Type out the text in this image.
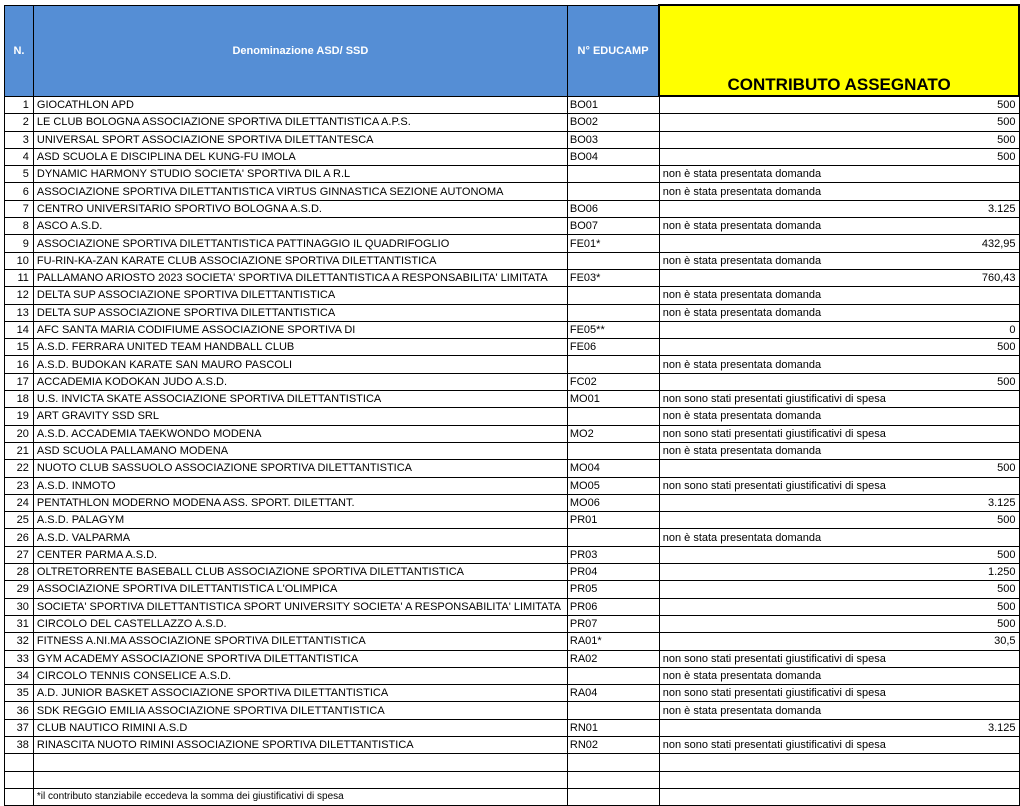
N.	Denominazione ASD/ SSD	N° EDUCAMP	CONTRIBUTO ASSEGNATO
1	GIOCATHLON APD	BO01	500
2	LE CLUB BOLOGNA ASSOCIAZIONE SPORTIVA DILETTANTISTICA A.P.S.	BO02	500
3	UNIVERSAL SPORT ASSOCIAZIONE SPORTIVA DILETTANTESCA	BO03	500
4	ASD SCUOLA E DISCIPLINA DEL KUNG-FU IMOLA	BO04	500
5	DYNAMIC HARMONY STUDIO SOCIETA' SPORTIVA DIL A R.L		non è stata presentata domanda
6	ASSOCIAZIONE SPORTIVA DILETTANTISTICA VIRTUS GINNASTICA SEZIONE AUTONOMA		non è stata presentata domanda
7	CENTRO UNIVERSITARIO SPORTIVO BOLOGNA A.S.D.	BO06	3.125
8	ASCO A.S.D.	BO07	non è stata presentata domanda
9	ASSOCIAZIONE SPORTIVA DILETTANTISTICA PATTINAGGIO IL QUADRIFOGLIO	FE01*	432,95
10	FU-RIN-KA-ZAN KARATE CLUB ASSOCIAZIONE SPORTIVA DILETTANTISTICA		non è stata presentata domanda
11	PALLAMANO ARIOSTO 2023 SOCIETA' SPORTIVA DILETTANTISTICA A RESPONSABILITA' LIMITATA	FE03*	760,43
12	DELTA SUP ASSOCIAZIONE SPORTIVA DILETTANTISTICA		non è stata presentata domanda
13	DELTA SUP ASSOCIAZIONE SPORTIVA DILETTANTISTICA		non è stata presentata domanda
14	AFC SANTA MARIA CODIFIUME ASSOCIAZIONE SPORTIVA DI	FE05**	0
15	A.S.D. FERRARA UNITED TEAM HANDBALL CLUB	FE06	500
16	A.S.D. BUDOKAN KARATE SAN MAURO PASCOLI		non è stata presentata domanda
17	ACCADEMIA KODOKAN JUDO A.S.D.	FC02	500
18	U.S. INVICTA SKATE ASSOCIAZIONE SPORTIVA DILETTANTISTICA	MO01	non sono stati presentati giustificativi di spesa
19	ART GRAVITY SSD SRL		non è stata presentata domanda
20	A.S.D. ACCADEMIA TAEKWONDO MODENA	MO2	non sono stati presentati giustificativi di spesa
21	ASD SCUOLA PALLAMANO MODENA		non è stata presentata domanda
22	NUOTO CLUB SASSUOLO ASSOCIAZIONE SPORTIVA DILETTANTISTICA	MO04	500
23	A.S.D. INMOTO	MO05	non sono stati presentati giustificativi di spesa
24	PENTATHLON MODERNO MODENA ASS. SPORT. DILETTANT.	MO06	3.125
25	A.S.D. PALAGYM	PR01	500
26	A.S.D. VALPARMA		non è stata presentata domanda
27	CENTER PARMA A.S.D.	PR03	500
28	OLTRETORRENTE BASEBALL CLUB ASSOCIAZIONE SPORTIVA DILETTANTISTICA	PR04	1.250
29	ASSOCIAZIONE SPORTIVA DILETTANTISTICA L'OLIMPICA	PR05	500
30	SOCIETA' SPORTIVA DILETTANTISTICA SPORT UNIVERSITY SOCIETA' A RESPONSABILITA' LIMITATA	PR06	500
31	CIRCOLO DEL CASTELLAZZO A.S.D.	PR07	500
32	FITNESS A.NI.MA ASSOCIAZIONE SPORTIVA DILETTANTISTICA	RA01*	30,5
33	GYM ACADEMY ASSOCIAZIONE SPORTIVA DILETTANTISTICA	RA02	non sono stati presentati giustificativi di spesa
34	CIRCOLO TENNIS CONSELICE A.S.D.		non è stata presentata domanda
35	A.D. JUNIOR BASKET ASSOCIAZIONE SPORTIVA DILETTANTISTICA	RA04	non sono stati presentati giustificativi di spesa
36	SDK REGGIO EMILIA ASSOCIAZIONE SPORTIVA DILETTANTISTICA		non è stata presentata domanda
37	CLUB NAUTICO RIMINI A.S.D	RN01	3.125
38	RINASCITA NUOTO RIMINI ASSOCIAZIONE SPORTIVA DILETTANTISTICA	RN02	non sono stati presentati giustificativi di spesa

	*il contributo stanziabile eccedeva la somma dei giustificativi di spesa		
